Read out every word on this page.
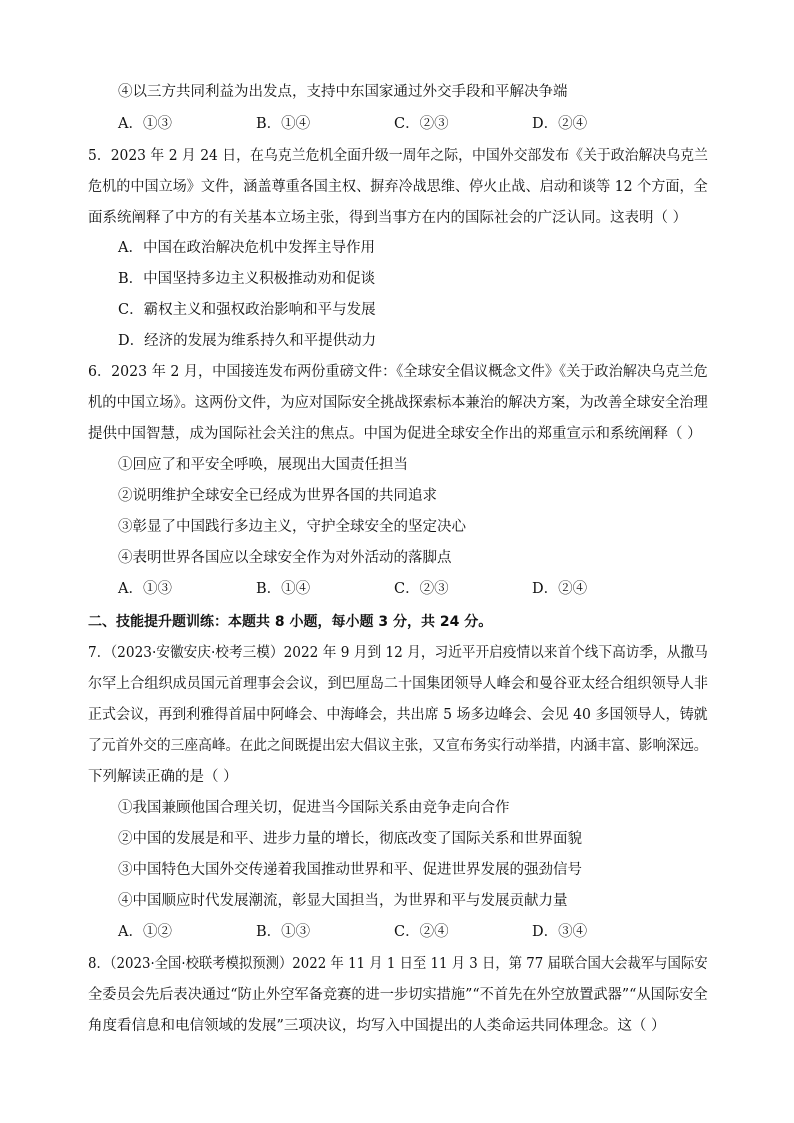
④以三方共同利益为出发点，支持中东国家通过外交手段和平解决争端
A．①③	B．①④	C．②③	D．②④
5．2023 年 2 月 24 日，在乌克兰危机全面升级一周年之际，中国外交部发布《关于政治解决乌克兰
危机的中国立场》文件，涵盖尊重各国主权、摒弃冷战思维、停火止战、启动和谈等 12 个方面，全
面系统阐释了中方的有关基本立场主张，得到当事方在内的国际社会的广泛认同。这表明（ ）
A．中国在政治解决危机中发挥主导作用
B．中国坚持多边主义积极推动劝和促谈
C．霸权主义和强权政治影响和平与发展
D．经济的发展为维系持久和平提供动力
6．2023 年 2 月，中国接连发布两份重磅文件：《全球安全倡议概念文件》《关于政治解决乌克兰危
机的中国立场》。这两份文件，为应对国际安全挑战探索标本兼治的解决方案，为改善全球安全治理
提供中国智慧，成为国际社会关注的焦点。中国为促进全球安全作出的郑重宣示和系统阐释（ ）
①回应了和平安全呼唤，展现出大国责任担当
②说明维护全球安全已经成为世界各国的共同追求
③彰显了中国践行多边主义，守护全球安全的坚定决心
④表明世界各国应以全球安全作为对外活动的落脚点
A．①③	B．①④	C．②③	D．②④
二、技能提升题训练：本题共 8 小题，每小题 3 分，共 24 分。
7．（2023·安徽安庆·校考三模）2022 年 9 月到 12 月，习近平开启疫情以来首个线下高访季，从撒马
尔罕上合组织成员国元首理事会会议，到巴厘岛二十国集团领导人峰会和曼谷亚太经合组织领导人非
正式会议，再到利雅得首届中阿峰会、中海峰会，共出席 5 场多边峰会、会见 40 多国领导人，铸就
了元首外交的三座高峰。在此之间既提出宏大倡议主张，又宣布务实行动举措，内涵丰富、影响深远。
下列解读正确的是（ ）
①我国兼顾他国合理关切，促进当今国际关系由竞争走向合作
②中国的发展是和平、进步力量的增长，彻底改变了国际关系和世界面貌
③中国特色大国外交传递着我国推动世界和平、促进世界发展的强劲信号
④中国顺应时代发展潮流，彰显大国担当，为世界和平与发展贡献力量
A．①②	B．①③	C．②④	D．③④
8．（2023·全国·校联考模拟预测）2022 年 11 月 1 日至 11 月 3 日，第 77 届联合国大会裁军与国际安
全委员会先后表决通过“防止外空军备竞赛的进一步切实措施”“不首先在外空放置武器”“从国际安全
角度看信息和电信领域的发展”三项决议，均写入中国提出的人类命运共同体理念。这（ ）
